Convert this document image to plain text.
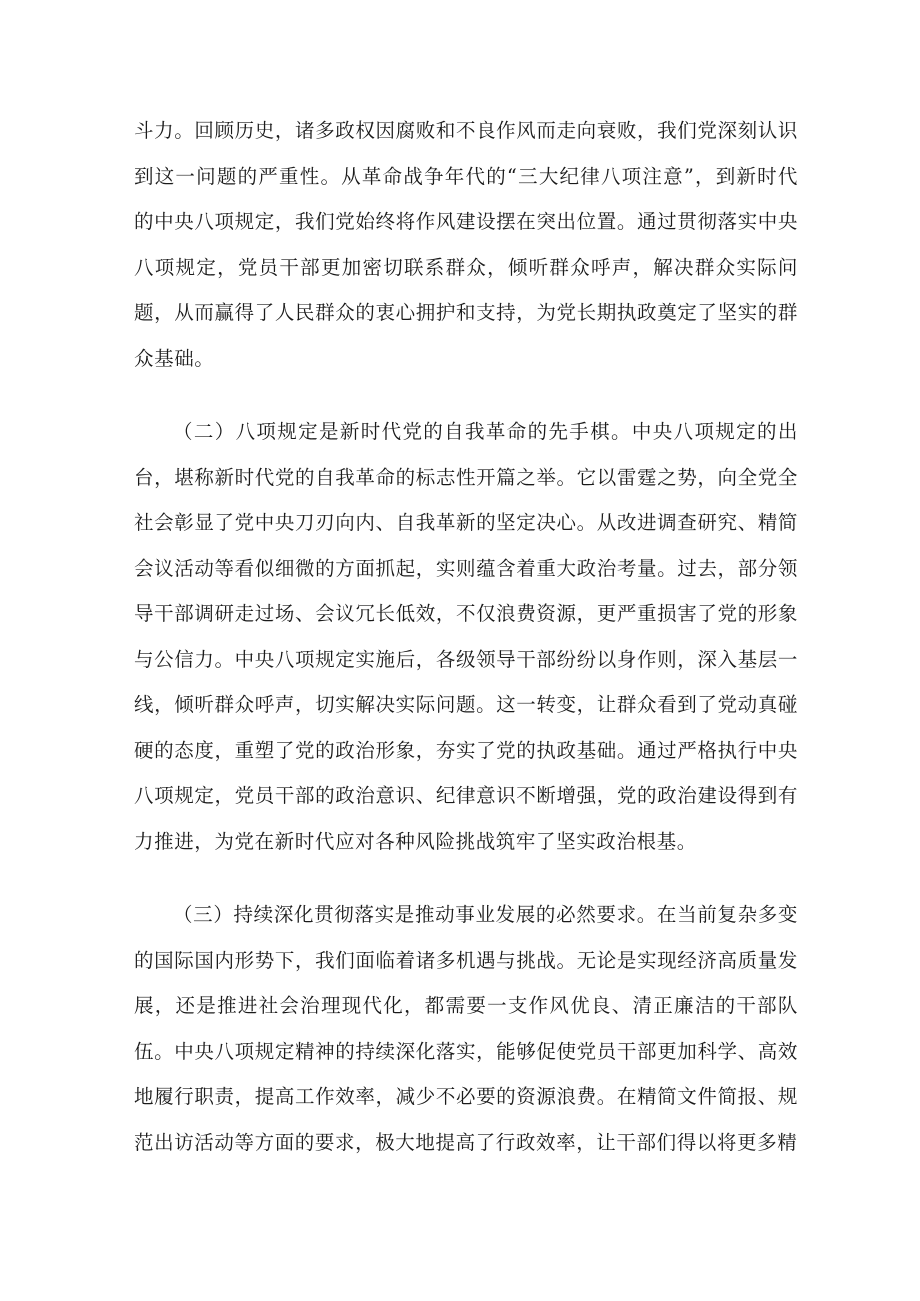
斗力。回顾历史，诸多政权因腐败和不良作风而走向衰败，我们党深刻认识到这一问题的严重性。从革命战争年代的“三大纪律八项注意”，到新时代的中央八项规定，我们党始终将作风建设摆在突出位置。通过贯彻落实中央八项规定，党员干部更加密切联系群众，倾听群众呼声，解决群众实际问题，从而赢得了人民群众的衷心拥护和支持，为党长期执政奠定了坚实的群众基础。

（二）八项规定是新时代党的自我革命的先手棋。中央八项规定的出台，堪称新时代党的自我革命的标志性开篇之举。它以雷霆之势，向全党全社会彰显了党中央刀刃向内、自我革新的坚定决心。从改进调查研究、精简会议活动等看似细微的方面抓起，实则蕴含着重大政治考量。过去，部分领导干部调研走过场、会议冗长低效，不仅浪费资源，更严重损害了党的形象与公信力。中央八项规定实施后，各级领导干部纷纷以身作则，深入基层一线，倾听群众呼声，切实解决实际问题。这一转变，让群众看到了党动真碰硬的态度，重塑了党的政治形象，夯实了党的执政基础。通过严格执行中央八项规定，党员干部的政治意识、纪律意识不断增强，党的政治建设得到有力推进，为党在新时代应对各种风险挑战筑牢了坚实政治根基。

（三）持续深化贯彻落实是推动事业发展的必然要求。在当前复杂多变的国际国内形势下，我们面临着诸多机遇与挑战。无论是实现经济高质量发展，还是推进社会治理现代化，都需要一支作风优良、清正廉洁的干部队伍。中央八项规定精神的持续深化落实，能够促使党员干部更加科学、高效地履行职责，提高工作效率，减少不必要的资源浪费。在精简文件简报、规范出访活动等方面的要求，极大地提高了行政效率，让干部们得以将更多精
